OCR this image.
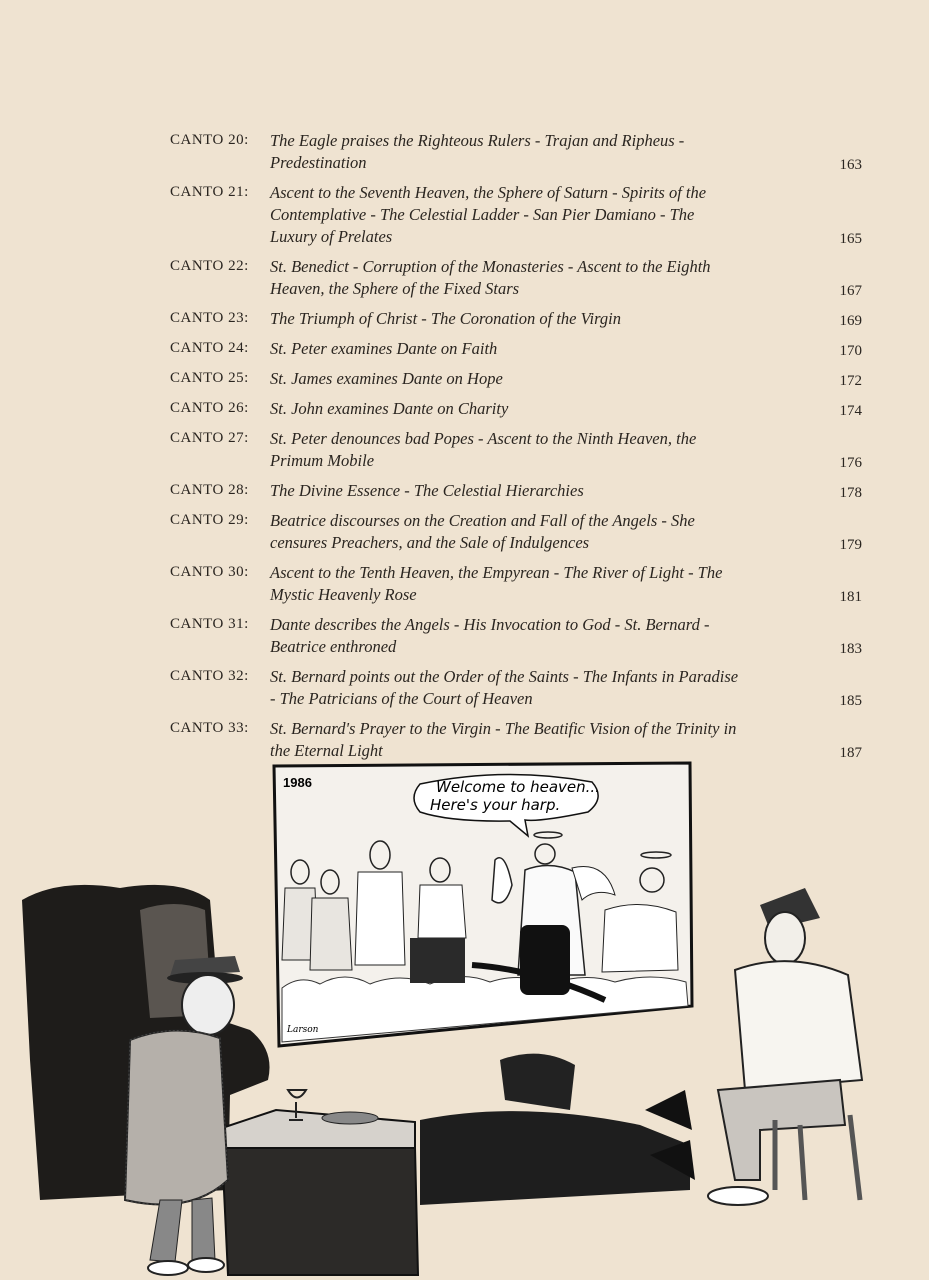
CANTO 20: The Eagle praises the Righteous Rulers - Trajan and Ripheus - Predestination	163
CANTO 21: Ascent to the Seventh Heaven, the Sphere of Saturn - Spirits of the Contemplative - The Celestial Ladder - San Pier Damiano - The Luxury of Prelates	165
CANTO 22: St. Benedict - Corruption of the Monasteries - Ascent to the Eighth Heaven, the Sphere of the Fixed Stars	167
CANTO 23: The Triumph of Christ - The Coronation of the Virgin	169
CANTO 24: St. Peter examines Dante on Faith	170
CANTO 25: St. James examines Dante on Hope	172
CANTO 26: St. John examines Dante on Charity	174
CANTO 27: St. Peter denounces bad Popes - Ascent to the Ninth Heaven, the Primum Mobile	176
CANTO 28: The Divine Essence - The Celestial Hierarchies	178
CANTO 29: Beatrice discourses on the Creation and Fall of the Angels - She censures Preachers, and the Sale of Indulgences	179
CANTO 30: Ascent to the Tenth Heaven, the Empyrean - The River of Light - The Mystic Heavenly Rose	181
CANTO 31: Dante describes the Angels - His Invocation to God - St. Bernard - Beatrice enthroned	183
CANTO 32: St. Bernard points out the Order of the Saints - The Infants in Paradise - The Patricians of the Court of Heaven	185
CANTO 33: St. Bernard's Prayer to the Virgin - The Beatific Vision of the Trinity in the Eternal Light	187
1986	Welcome to heaven...
Here's your harp.
Larson
